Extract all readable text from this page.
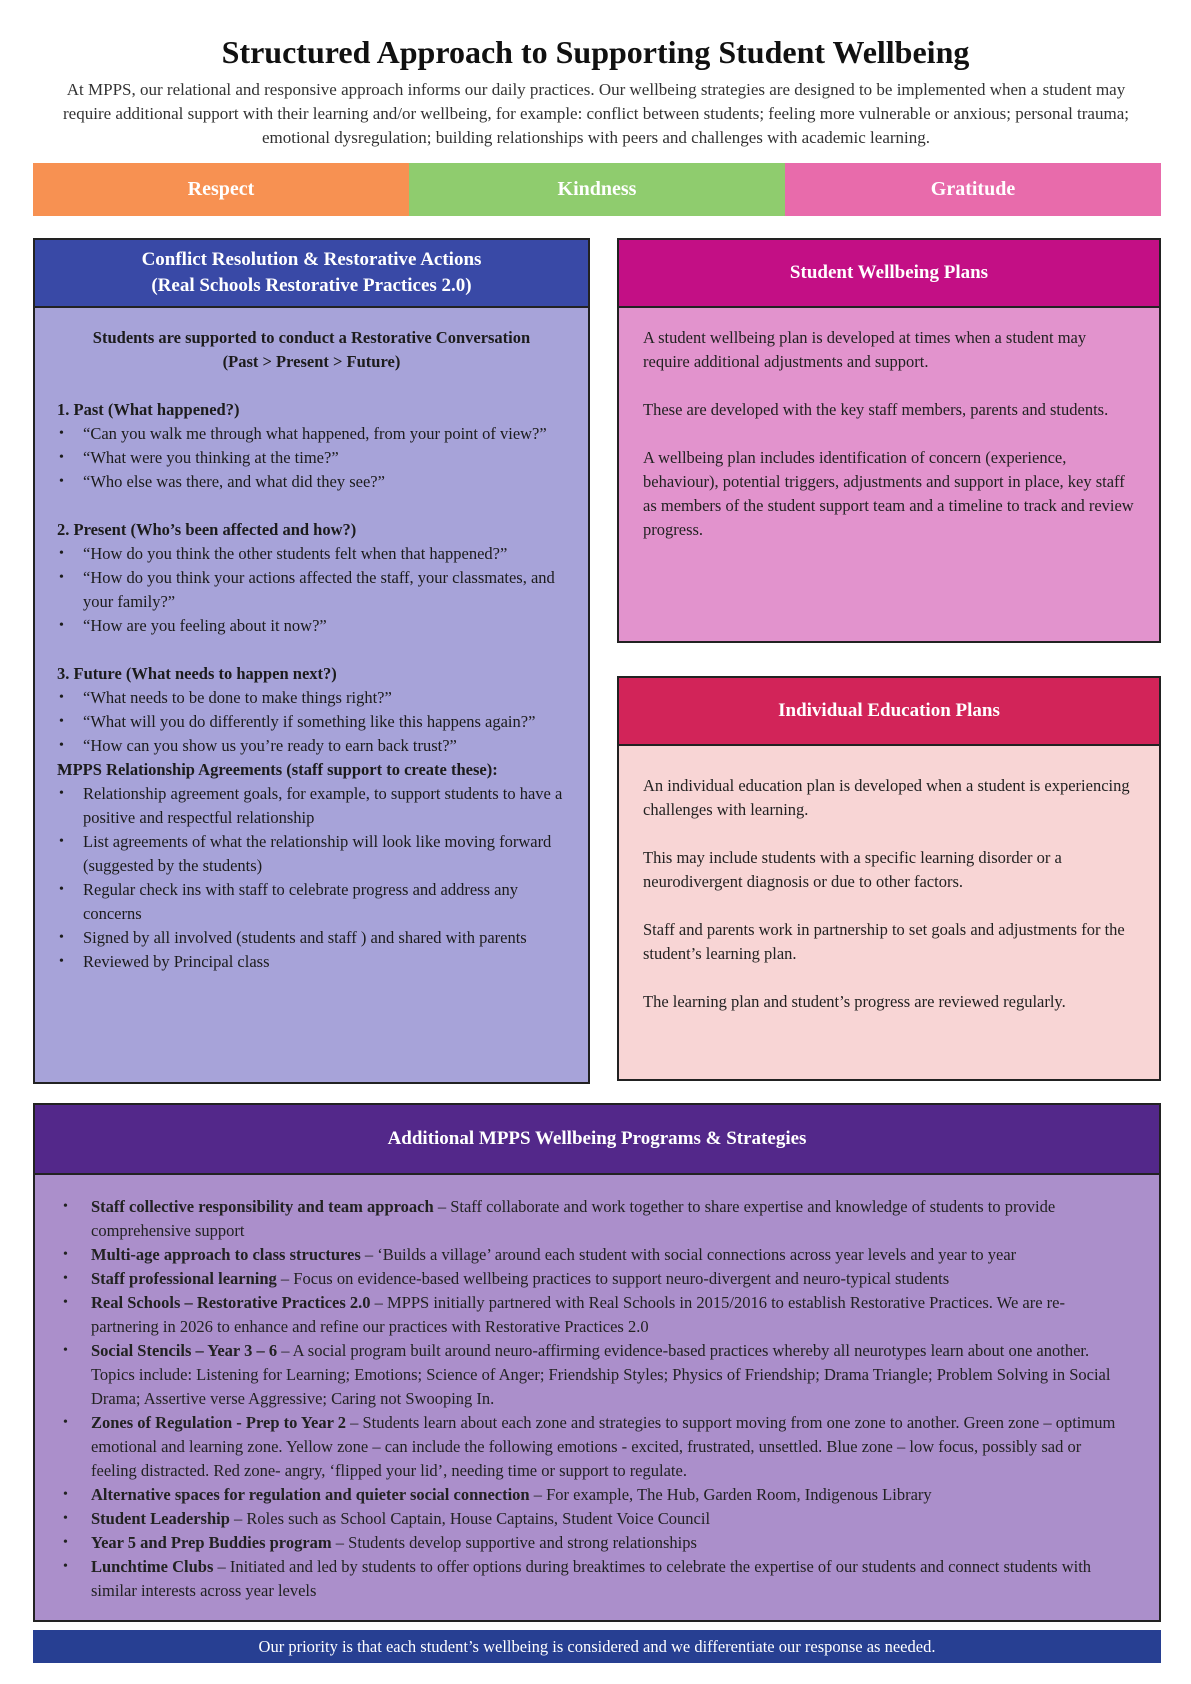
Structured Approach to Supporting Student Wellbeing
At MPPS, our relational and responsive approach informs our daily practices. Our wellbeing strategies are designed to be implemented when a student may require additional support with their learning and/or wellbeing, for example: conflict between students; feeling more vulnerable or anxious; personal trauma; emotional dysregulation; building relationships with peers and challenges with academic learning.
Respect	Kindness	Gratitude
Conflict Resolution & Restorative Actions
(Real Schools Restorative Practices 2.0)
Students are supported to conduct a Restorative Conversation
(Past > Present > Future)
1. Past (What happened?)
• “Can you walk me through what happened, from your point of view?”
• “What were you thinking at the time?”
• “Who else was there, and what did they see?”
2. Present (Who’s been affected and how?)
• “How do you think the other students felt when that happened?”
• “How do you think your actions affected the staff, your classmates, and your family?”
• “How are you feeling about it now?”
3. Future (What needs to happen next?)
• “What needs to be done to make things right?”
• “What will you do differently if something like this happens again?”
• “How can you show us you’re ready to earn back trust?”
MPPS Relationship Agreements (staff support to create these):
• Relationship agreement goals, for example, to support students to have a positive and respectful relationship
• List agreements of what the relationship will look like moving forward (suggested by the students)
• Regular check ins with staff to celebrate progress and address any concerns
• Signed by all involved (students and staff ) and shared with parents
• Reviewed by Principal class
Student Wellbeing Plans

A student wellbeing plan is developed at times when a student may require additional adjustments and support.

These are developed with the key staff members, parents and students.

A wellbeing plan includes identification of concern (experience, behaviour), potential triggers, adjustments and support in place, key staff as members of the student support team and a timeline to track and review progress.

Individual Education Plans

An individual education plan is developed when a student is experiencing challenges with learning.

This may include students with a specific learning disorder or a neurodivergent diagnosis or due to other factors.

Staff and parents work in partnership to set goals and adjustments for the student’s learning plan.

The learning plan and student’s progress are reviewed regularly.

Additional MPPS Wellbeing Programs & Strategies
• Staff collective responsibility and team approach – Staff collaborate and work together to share expertise and knowledge of students to provide comprehensive support
• Multi-age approach to class structures – ‘Builds a village’ around each student with social connections across year levels and year to year
• Staff professional learning – Focus on evidence-based wellbeing practices to support neuro-divergent and neuro-typical students
• Real Schools – Restorative Practices 2.0 – MPPS initially partnered with Real Schools in 2015/2016 to establish Restorative Practices. We are re-partnering in 2026 to enhance and refine our practices with Restorative Practices 2.0
• Social Stencils – Year 3 – 6 – A social program built around neuro-affirming evidence-based practices whereby all neurotypes learn about one another. Topics include: Listening for Learning; Emotions; Science of Anger; Friendship Styles; Physics of Friendship; Drama Triangle; Problem Solving in Social Drama; Assertive verse Aggressive; Caring not Swooping In.
• Zones of Regulation - Prep to Year 2 – Students learn about each zone and strategies to support moving from one zone to another. Green zone – optimum emotional and learning zone. Yellow zone – can include the following emotions - excited, frustrated, unsettled. Blue zone – low focus, possibly sad or feeling distracted. Red zone- angry, ‘flipped your lid’, needing time or support to regulate.
• Alternative spaces for regulation and quieter social connection – For example, The Hub, Garden Room, Indigenous Library
• Student Leadership – Roles such as School Captain, House Captains, Student Voice Council
• Year 5 and Prep Buddies program – Students develop supportive and strong relationships
• Lunchtime Clubs – Initiated and led by students to offer options during breaktimes to celebrate the expertise of our students and connect students with similar interests across year levels
Our priority is that each student’s wellbeing is considered and we differentiate our response as needed.
